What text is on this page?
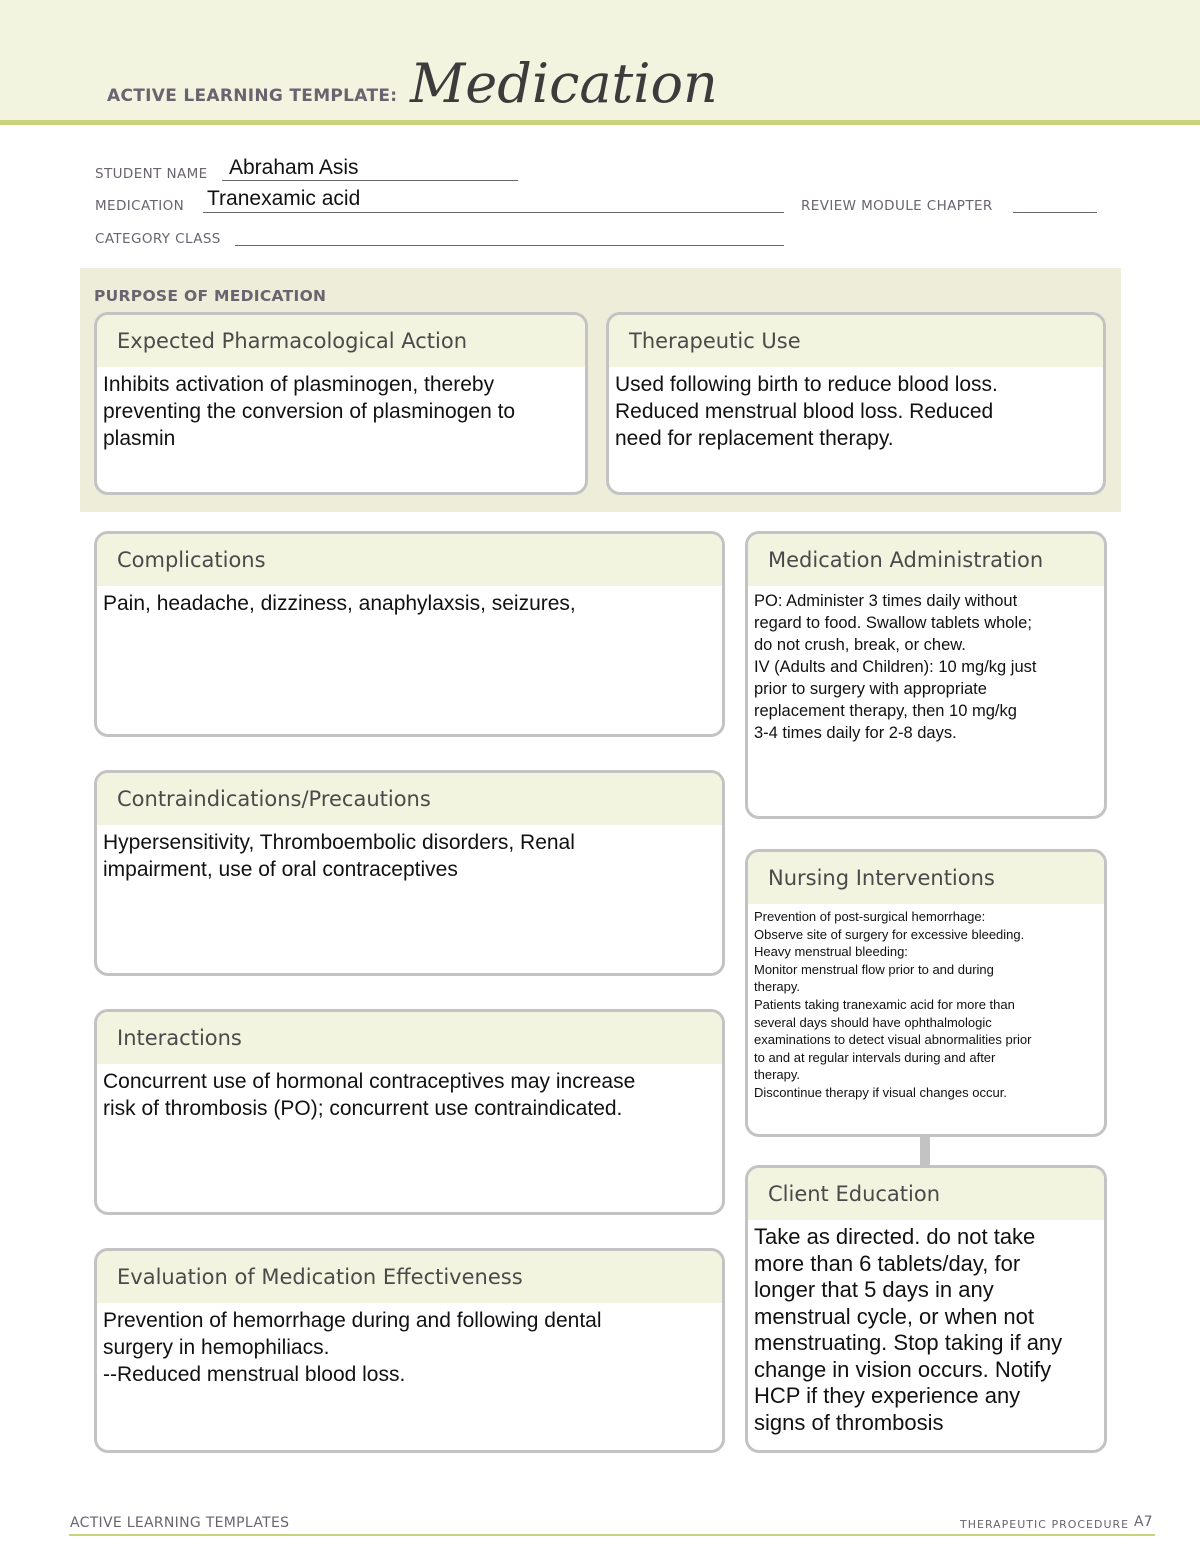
ACTIVE LEARNING TEMPLATE: Medication
STUDENT NAME Abraham Asis
MEDICATION Tranexamic acid	REVIEW MODULE CHAPTER
CATEGORY CLASS
PURPOSE OF MEDICATION
Expected Pharmacological Action
Inhibits activation of plasminogen, thereby
preventing the conversion of plasminogen to
plasmin
Therapeutic Use
Used following birth to reduce blood loss.
Reduced menstrual blood loss. Reduced
need for replacement therapy.
Complications
Pain, headache, dizziness, anaphylaxsis, seizures,
Contraindications/Precautions
Hypersensitivity, Thromboembolic disorders, Renal
impairment, use of oral contraceptives
Interactions
Concurrent use of hormonal contraceptives may increase
risk of thrombosis (PO); concurrent use contraindicated.
Evaluation of Medication Effectiveness
Prevention of hemorrhage during and following dental
surgery in hemophiliacs.
--Reduced menstrual blood loss.
Medication Administration
PO: Administer 3 times daily without
regard to food. Swallow tablets whole;
do not crush, break, or chew.
IV (Adults and Children): 10 mg/kg just
prior to surgery with appropriate
replacement therapy, then 10 mg/kg
3-4 times daily for 2-8 days.
Nursing Interventions
Prevention of post-surgical hemorrhage:
Observe site of surgery for excessive bleeding.
Heavy menstrual bleeding:
Monitor menstrual flow prior to and during
therapy.
Patients taking tranexamic acid for more than
several days should have ophthalmologic
examinations to detect visual abnormalities prior
to and at regular intervals during and after
therapy.
Discontinue therapy if visual changes occur.
Client Education
Take as directed. do not take
more than 6 tablets/day, for
longer that 5 days in any
menstrual cycle, or when not
menstruating. Stop taking if any
change in vision occurs. Notify
HCP if they experience any
signs of thrombosis
ACTIVE LEARNING TEMPLATES	THERAPEUTIC PROCEDURE A7
